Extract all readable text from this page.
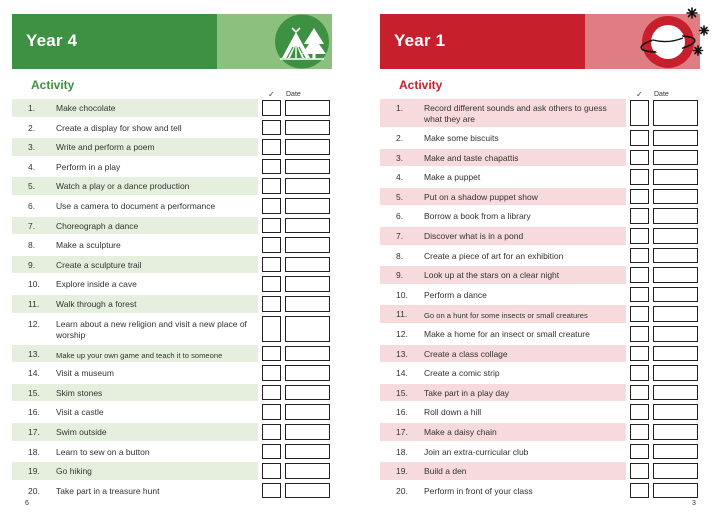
Year 4
Activity
✓ Date
1. Make chocolate
2. Create a display for show and tell
3. Write and perform a poem
4. Perform in a play
5. Watch a play or a dance production
6. Use a camera to document a performance
7. Choreograph a dance
8. Make a sculpture
9. Create a sculpture trail
10. Explore inside a cave
11. Walk through a forest
12. Learn about a new religion and visit a new place of worship
13. Make up your own game and teach it to someone
14. Visit a museum
15. Skim stones
16. Visit a castle
17. Swim outside
18. Learn to sew on a button
19. Go hiking
20. Take part in a treasure hunt
6
Year 1
Activity
✓ Date
1. Record different sounds and ask others to guess what they are
2. Make some biscuits
3. Make and taste chapattis
4. Make a puppet
5. Put on a shadow puppet show
6. Borrow a book from a library
7. Discover what is in a pond
8. Create a piece of art for an exhibition
9. Look up at the stars on a clear night
10. Perform a dance
11. Go on a hunt for some insects or small creatures
12. Make a home for an insect or small creature
13. Create a class collage
14. Create a comic strip
15. Take part in a play day
16. Roll down a hill
17. Make a daisy chain
18. Join an extra-curricular club
19. Build a den
20. Perform in front of your class
3
